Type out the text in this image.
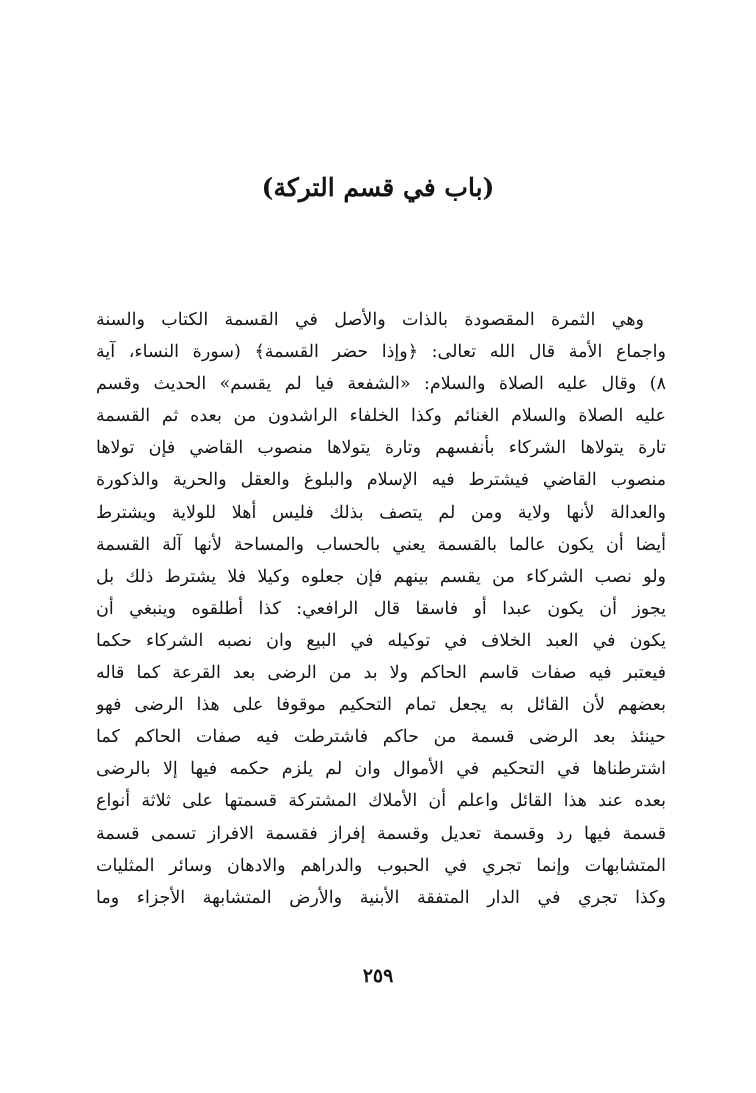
(باب في قسم التركة)
وهي الثمرة المقصودة بالذات والأصل في القسمة الكتاب والسنة
واجماع الأمة قال الله تعالى: ﴿وإذا حضر القسمة﴾ (سورة النساء، آية
٨) وقال عليه الصلاة والسلام: «الشفعة فيا لم يقسم» الحديث وقسم
عليه الصلاة والسلام الغنائم وكذا الخلفاء الراشدون من بعده ثم القسمة
تارة يتولاها الشركاء بأنفسهم وتارة يتولاها منصوب القاضي فإن تولاها
منصوب القاضي فيشترط فيه الإسلام والبلوغ والعقل والحرية والذكورة
والعدالة لأنها ولاية ومن لم يتصف بذلك فليس أهلا للولاية ويشترط
أيضا أن يكون عالما بالقسمة يعني بالحساب والمساحة لأنها آلة القسمة
ولو نصب الشركاء من يقسم بينهم فإن جعلوه وكيلا فلا يشترط ذلك بل
يجوز أن يكون عبدا أو فاسقا قال الرافعي: كذا أطلقوه وينبغي أن
يكون في العبد الخلاف في توكيله في البيع وان نصبه الشركاء حكما
فيعتبر فيه صفات قاسم الحاكم ولا بد من الرضى بعد القرعة كما قاله
بعضهم لأن القائل به يجعل تمام التحكيم موقوفا على هذا الرضى فهو
حينئذ بعد الرضى قسمة من حاكم فاشترطت فيه صفات الحاكم كما
اشترطناها في التحكيم في الأموال وان لم يلزم حكمه فيها إلا بالرضى
بعده عند هذا القائل واعلم أن الأملاك المشتركة قسمتها على ثلاثة أنواع
قسمة فيها رد وقسمة تعديل وقسمة إفراز فقسمة الافراز تسمى قسمة
المتشابهات وإنما تجري في الحبوب والدراهم والادهان وسائر المثليات
وكذا تجري في الدار المتفقة الأبنية والأرض المتشابهة الأجزاء وما
٢٥٩
